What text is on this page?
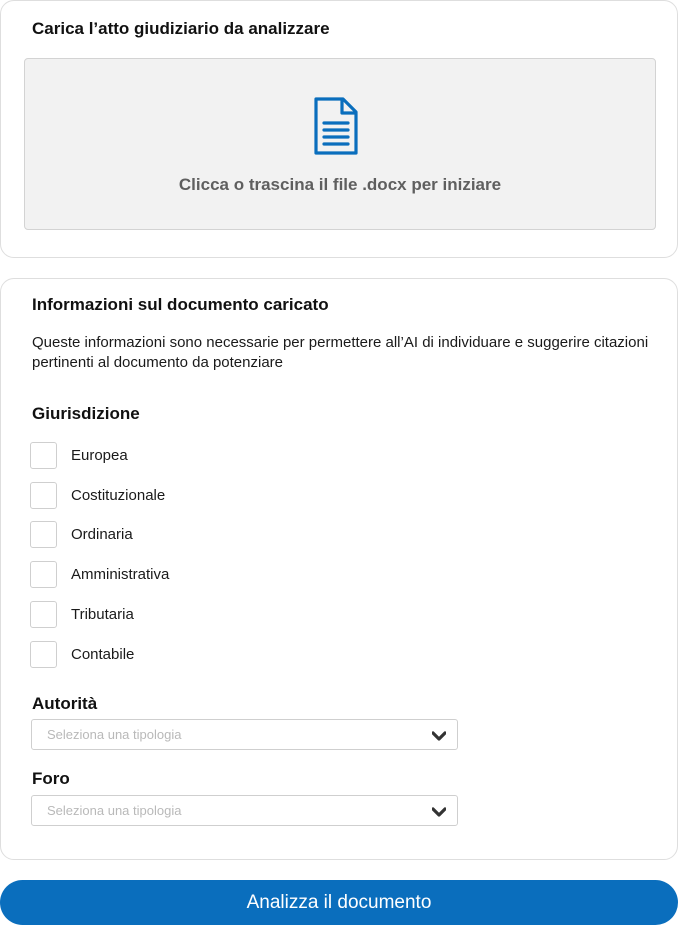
Carica l’atto giudiziario da analizzare
Clicca o trascina il file .docx per iniziare
Informazioni sul documento caricato
Queste informazioni sono necessarie per permettere all’AI di individuare e suggerire citazioni pertinenti al documento da potenziare
Giurisdizione
Europea
Costituzionale
Ordinaria
Amministrativa
Tributaria
Contabile
Autorità
Seleziona una tipologia
Foro
Seleziona una tipologia
Analizza il documento
